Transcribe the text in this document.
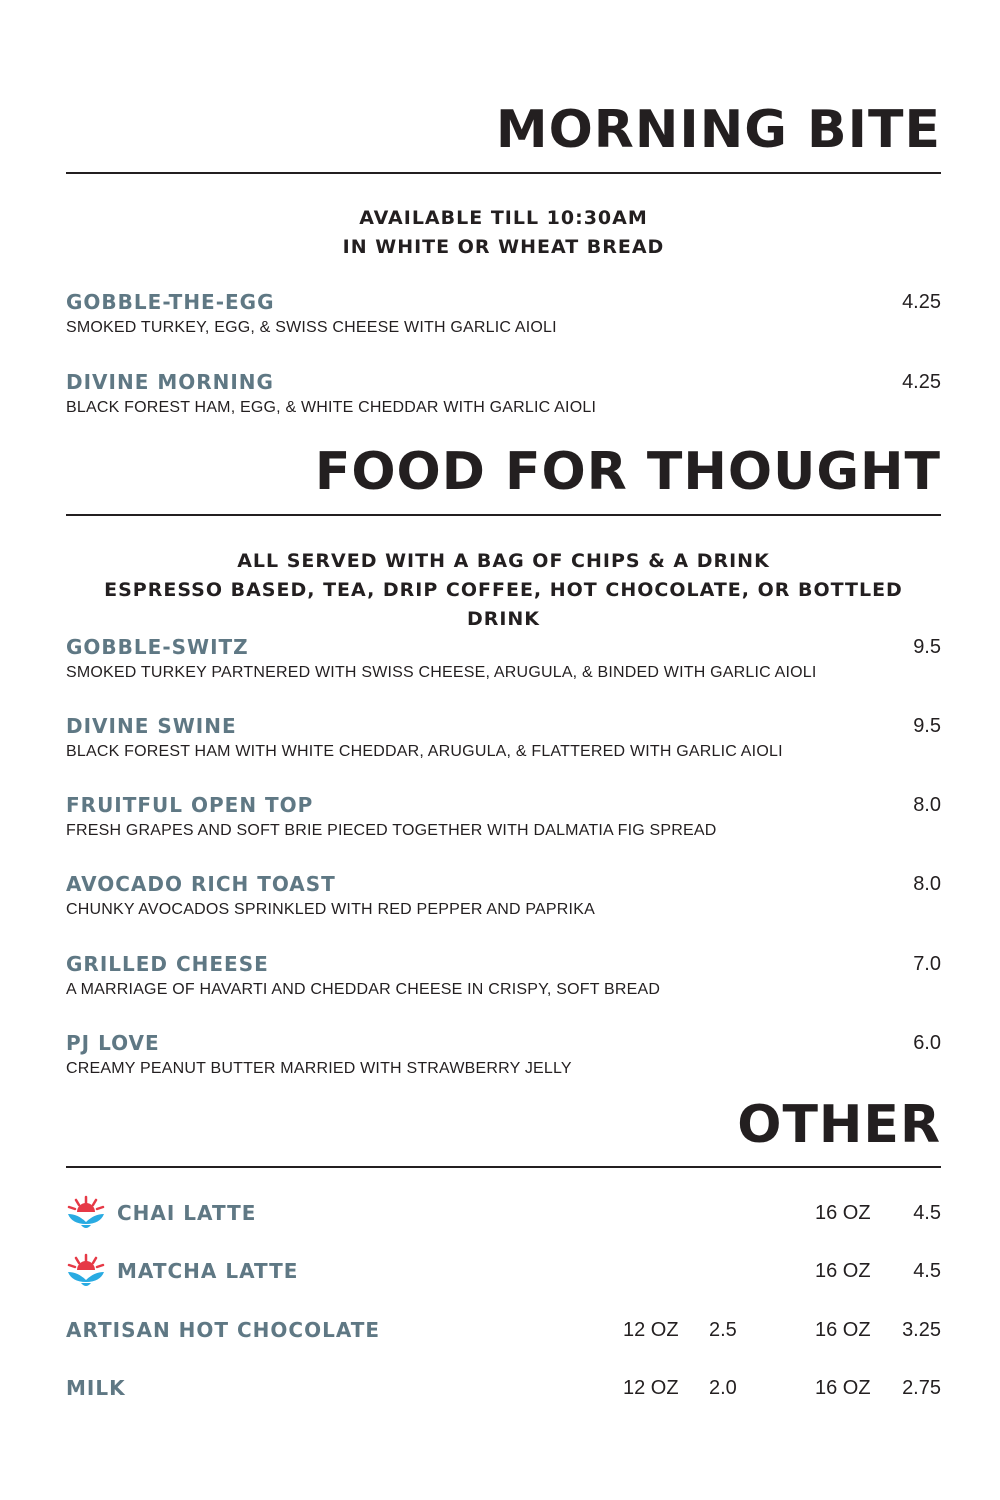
MORNING BITE

AVAILABLE TILL 10:30AM
IN WHITE OR WHEAT BREAD

GOBBLE-THE-EGG	4.25
SMOKED TURKEY, EGG, & SWISS CHEESE WITH GARLIC AIOLI
DIVINE MORNING	4.25
BLACK FOREST HAM, EGG, & WHITE CHEDDAR WITH GARLIC AIOLI
FOOD FOR THOUGHT

ALL SERVED WITH A BAG OF CHIPS & A DRINK
ESPRESSO BASED, TEA, DRIP COFFEE, HOT CHOCOLATE, OR BOTTLED DRINK

GOBBLE-SWITZ	9.5
SMOKED TURKEY PARTNERED WITH SWISS CHEESE, ARUGULA, & BINDED WITH GARLIC AIOLI
DIVINE SWINE	9.5
BLACK FOREST HAM WITH WHITE CHEDDAR, ARUGULA, & FLATTERED WITH GARLIC AIOLI
FRUITFUL OPEN TOP	8.0
FRESH GRAPES AND SOFT BRIE PIECED TOGETHER WITH DALMATIA FIG SPREAD
AVOCADO RICH TOAST	8.0
CHUNKY AVOCADOS SPRINKLED WITH RED PEPPER AND PAPRIKA
GRILLED CHEESE	7.0
A MARRIAGE OF HAVARTI AND CHEDDAR CHEESE IN CRISPY, SOFT BREAD
PJ LOVE	6.0
CREAMY PEANUT BUTTER MARRIED WITH STRAWBERRY JELLY
OTHER
CHAI LATTE	16 OZ 4.5
MATCHA LATTE	16 OZ 4.5
ARTISAN HOT CHOCOLATE	12 OZ 2.5	16 OZ 3.25
MILK	12 OZ 2.0	16 OZ 2.75
